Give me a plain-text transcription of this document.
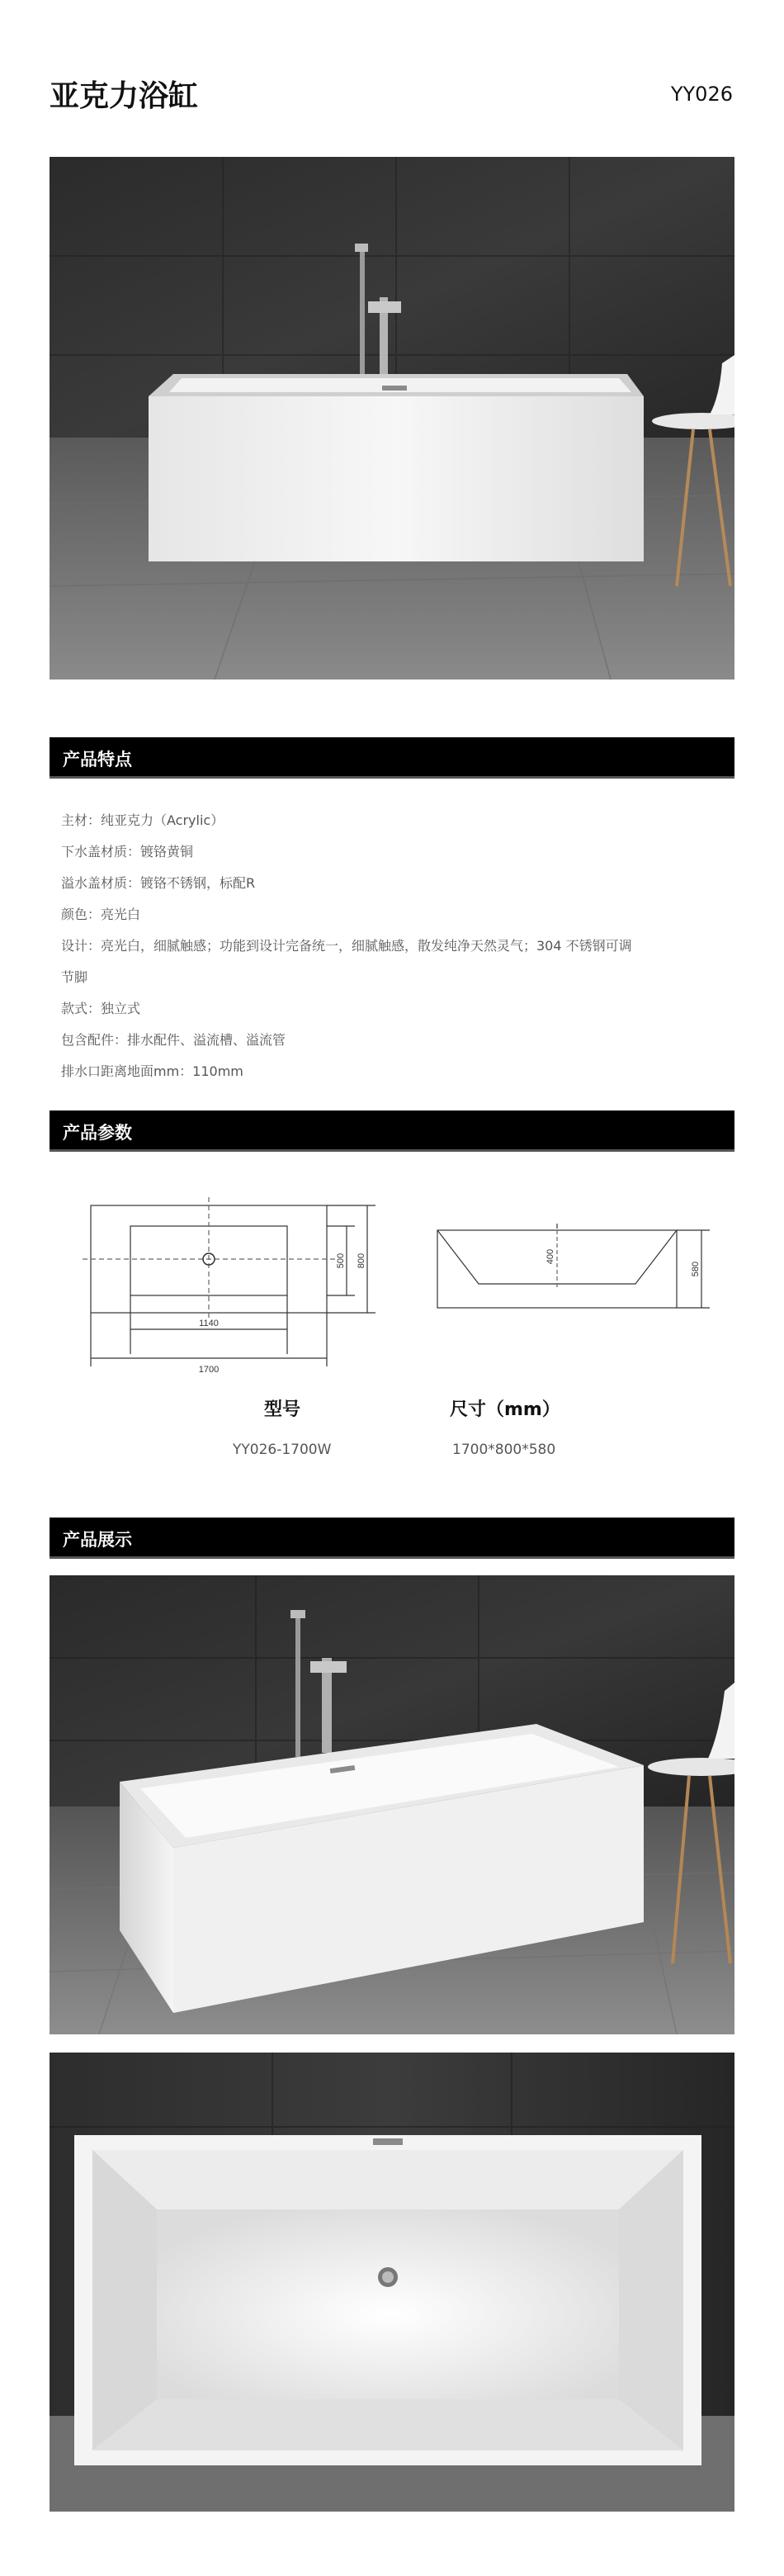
亚克力浴缸	YY026
产品特点
主材：纯亚克力（Acrylic）
下水盖材质：镀铬黄铜
溢水盖材质：镀铬不锈钢，标配R
颜色：亮光白
设计：亮光白，细腻触感；功能到设计完备统一，细腻触感，散发纯净天然灵气；304 不锈钢可调
节脚
款式：独立式
包含配件：排水配件、溢流槽、溢流管
排水口距离地面mm：110mm
产品参数
1140
1700
500 800	400
580
型号	尺寸（mm）
YY026-1700W	1700*800*580
产品展示
